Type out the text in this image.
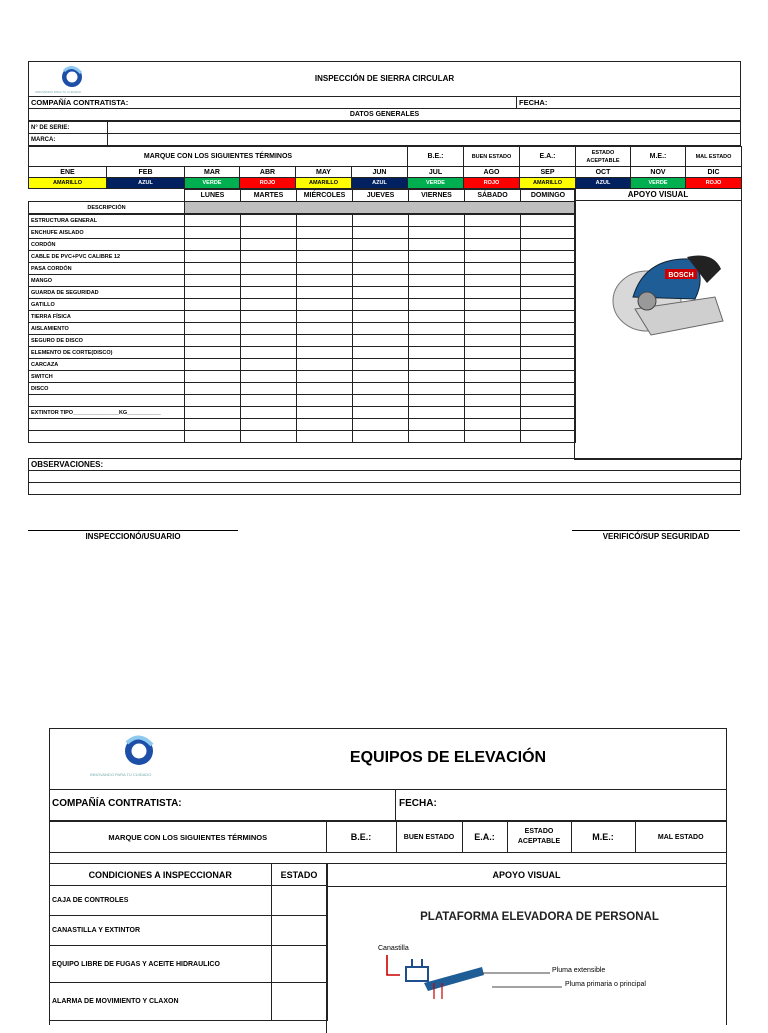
INNOVANDO PARA TU CUIDADO
INSPECCIÓN DE SIERRA CIRCULAR
COMPAÑÍA CONTRATISTA:	FECHA:
DATOS GENERALES
N° DE SERIE:	
MARCA:	
MARQUE CON LOS SIGUIENTES TÉRMINOS						B.E.:	BUEN ESTADO	E.A.:	ESTADO ACEPTABLE	M.E.:	MAL ESTADO
ENE	FEB	MAR	ABR	MAY	JUN	JUL	AGO	SEP	OCT	NOV	DIC
AMARILLO	AZUL	VERDE	ROJO	AMARILLO	AZUL	VERDE	ROJO	AMARILLO	AZUL	VERDE	ROJO
	LUNES	MARTES	MIÉRCOLES	JUEVES	VIERNES	SÁBADO	DOMINGO
DESCRIPCIÓN							
ESTRUCTURA GENERAL							
ENCHUFE AISLADO							
CORDÓN							
CABLE DE PVC+PVC CALIBRE 12							
PASA CORDÓN							
MANGO							
GUARDA DE SEGURIDAD							
GATILLO							
TIERRA FÍSICA							
AISLAMIENTO							
SEGURO DE DISCO							
ELEMENTO DE CORTE(DISCO)							
CARCAZA							
SWITCH							
DISCO							

EXTINTOR TIPO_______________KG___________							

APOYO VISUAL
BOSCH
OBSERVACIONES:

INSPECCIONÓ/USUARIO	VERIFICÓ/SUP SEGURIDAD
INNOVANDO PARA TU CUIDADO
EQUIPOS DE ELEVACIÓN
COMPAÑÍA CONTRATISTA:	FECHA:
MARQUE CON LOS SIGUIENTES TÉRMINOS	B.E.:	BUEN ESTADO	E.A.:	ESTADO ACEPTABLE	M.E.:	MAL ESTADO
CONDICIONES A INSPECCIONAR	ESTADO
CAJA DE CONTROLES	
CANASTILLA Y EXTINTOR	
EQUIPO LIBRE DE FUGAS Y ACEITE HIDRAULICO	
ALARMA DE MOVIMIENTO Y CLAXON	
APOYO VISUAL
PLATAFORMA ELEVADORA DE PERSONAL
Canastilla
Pluma extensible
Pluma primaria o principal
